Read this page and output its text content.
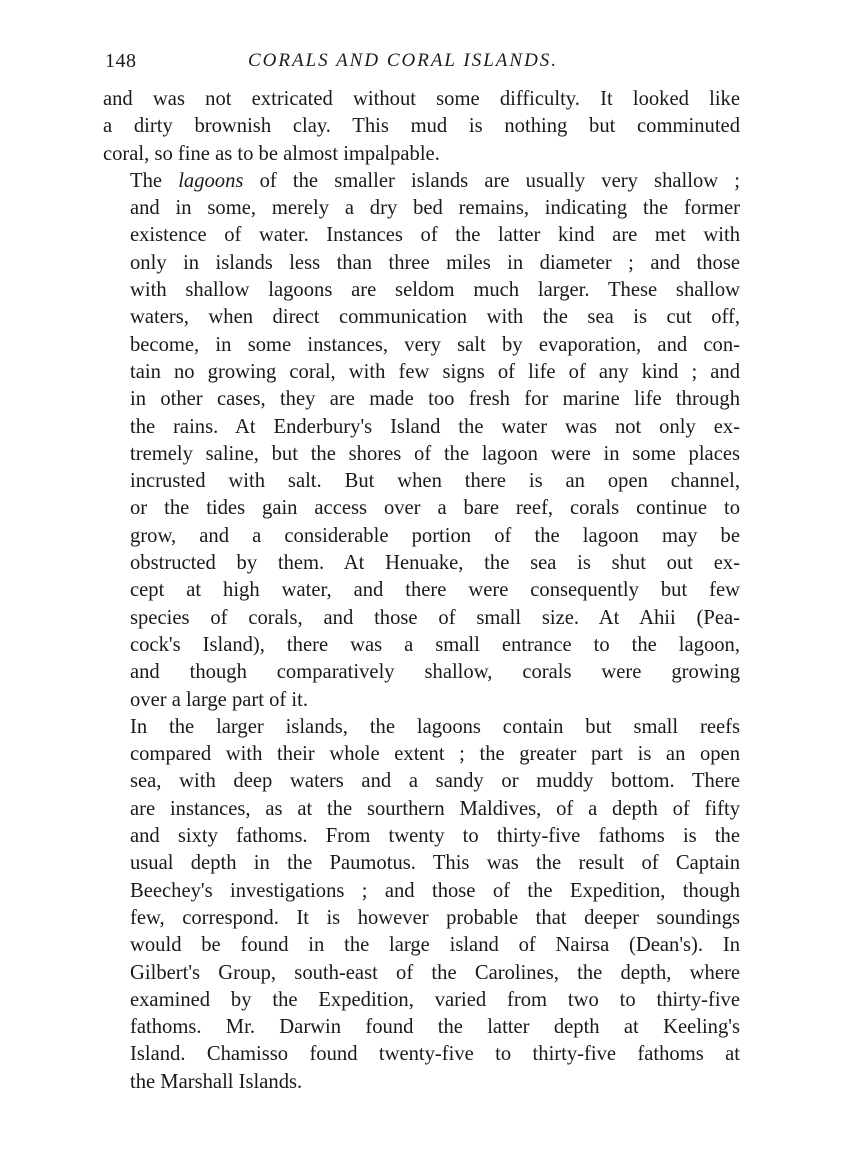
148	CORALS AND CORAL ISLANDS.

and was not extricated without some difficulty. It looked like
a dirty brownish clay. This mud is nothing but comminuted
coral, so fine as to be almost impalpable.

The lagoons of the smaller islands are usually very shallow ;
and in some, merely a dry bed remains, indicating the former
existence of water. Instances of the latter kind are met with
only in islands less than three miles in diameter ; and those
with shallow lagoons are seldom much larger. These shallow
waters, when direct communication with the sea is cut off,
become, in some instances, very salt by evaporation, and con-
tain no growing coral, with few signs of life of any kind ; and
in other cases, they are made too fresh for marine life through
the rains. At Enderbury's Island the water was not only ex-
tremely saline, but the shores of the lagoon were in some places
incrusted with salt. But when there is an open channel,
or the tides gain access over a bare reef, corals continue to
grow, and a considerable portion of the lagoon may be
obstructed by them. At Henuake, the sea is shut out ex-
cept at high water, and there were consequently but few
species of corals, and those of small size. At Ahii (Pea-
cock's Island), there was a small entrance to the lagoon,
and though comparatively shallow, corals were growing
over a large part of it.

In the larger islands, the lagoons contain but small reefs
compared with their whole extent ; the greater part is an open
sea, with deep waters and a sandy or muddy bottom. There
are instances, as at the sourthern Maldives, of a depth of fifty
and sixty fathoms. From twenty to thirty-five fathoms is the
usual depth in the Paumotus. This was the result of Captain
Beechey's investigations ; and those of the Expedition, though
few, correspond. It is however probable that deeper soundings
would be found in the large island of Nairsa (Dean's). In
Gilbert's Group, south-east of the Carolines, the depth, where
examined by the Expedition, varied from two to thirty-five
fathoms. Mr. Darwin found the latter depth at Keeling's
Island. Chamisso found twenty-five to thirty-five fathoms at
the Marshall Islands.
